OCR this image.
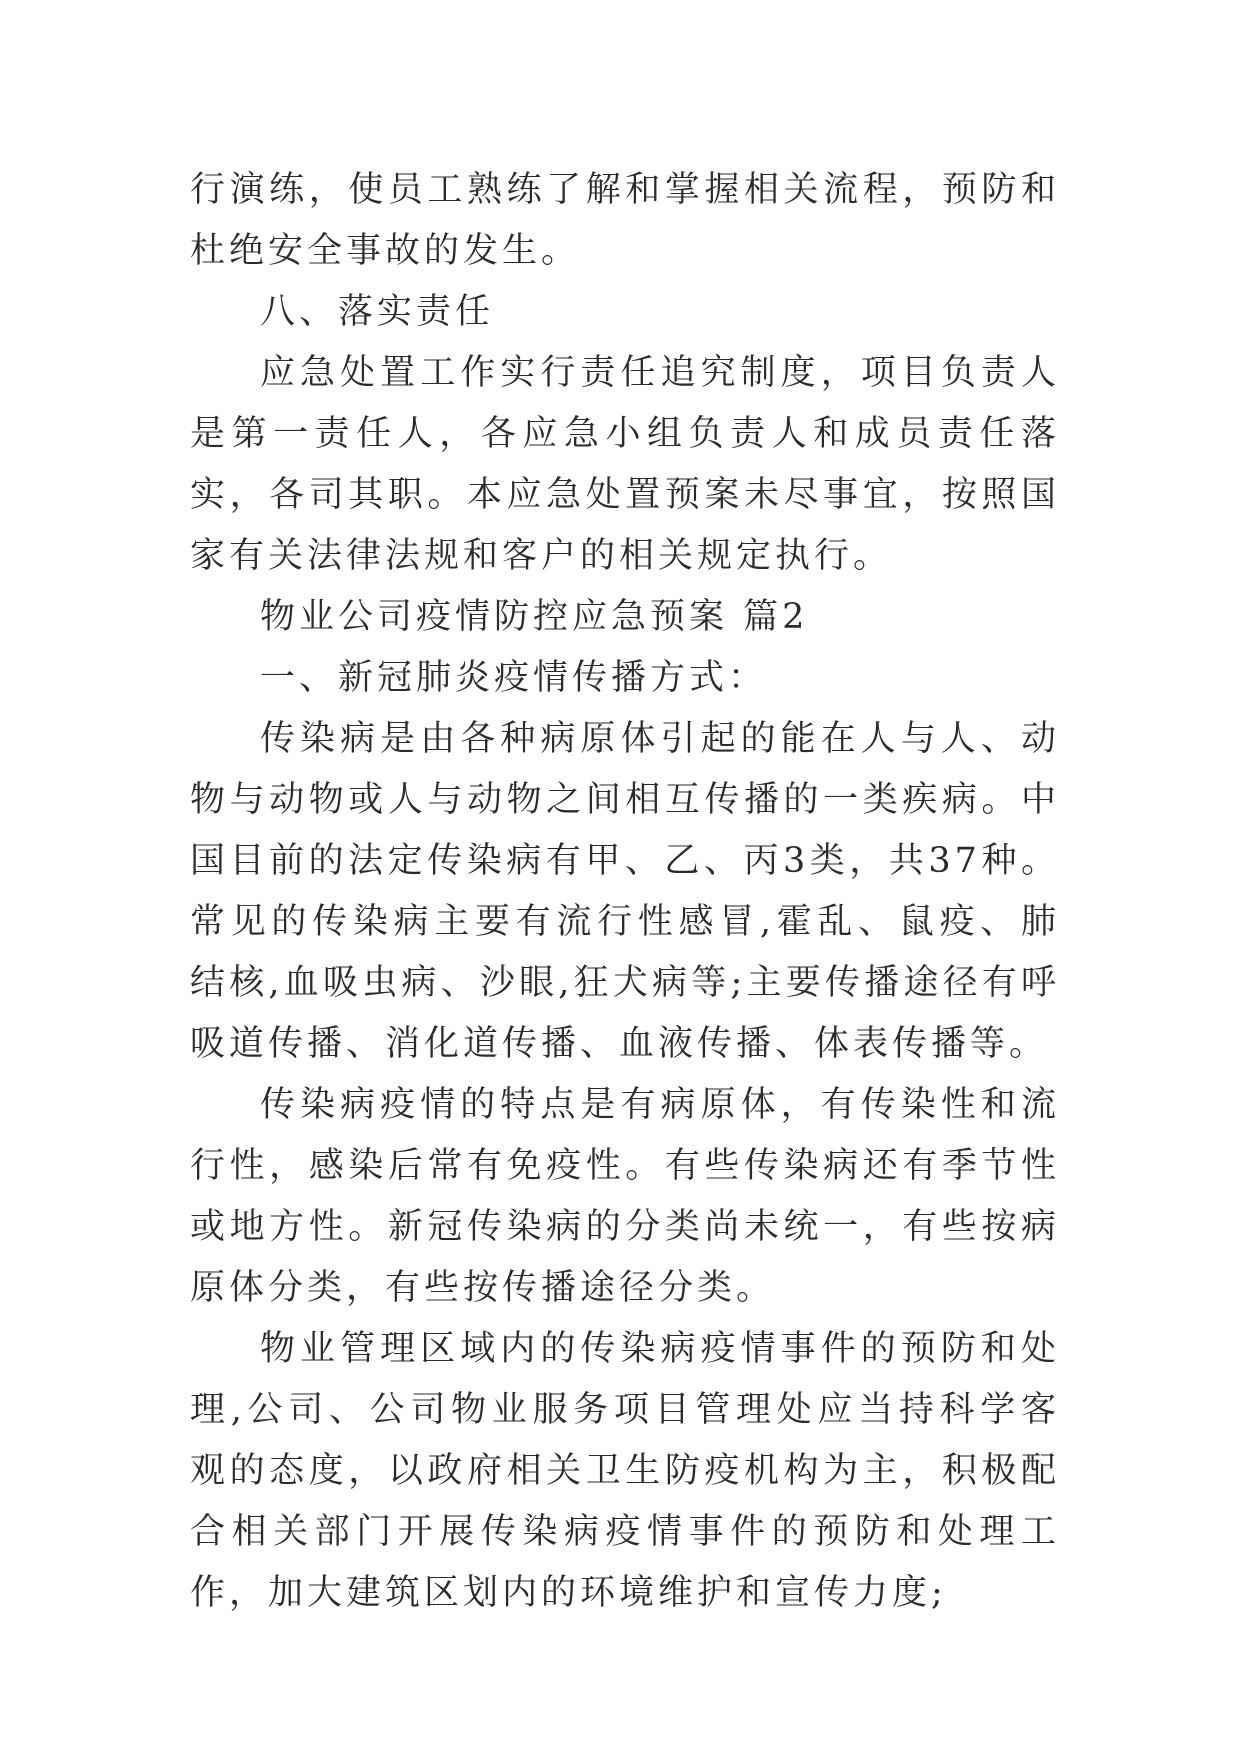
行演练，使员工熟练了解和掌握相关流程，预防和杜绝安全事故的发生。

八、落实责任

应急处置工作实行责任追究制度，项目负责人是第一责任人，各应急小组负责人和成员责任落实，各司其职。本应急处置预案未尽事宜，按照国家有关法律法规和客户的相关规定执行。

物业公司疫情防控应急预案 篇2

一、新冠肺炎疫情传播方式：

传染病是由各种病原体引起的能在人与人、动物与动物或人与动物之间相互传播的一类疾病。中国目前的法定传染病有甲、乙、丙3类，共37种。常见的传染病主要有流行性感冒,霍乱、鼠疫、肺结核,血吸虫病、沙眼,狂犬病等;主要传播途径有呼吸道传播、消化道传播、血液传播、体表传播等。

传染病疫情的特点是有病原体，有传染性和流行性，感染后常有免疫性。有些传染病还有季节性或地方性。新冠传染病的分类尚未统一，有些按病原体分类，有些按传播途径分类。

物业管理区域内的传染病疫情事件的预防和处理,公司、公司物业服务项目管理处应当持科学客观的态度，以政府相关卫生防疫机构为主，积极配合相关部门开展传染病疫情事件的预防和处理工作，加大建筑区划内的环境维护和宣传力度;
